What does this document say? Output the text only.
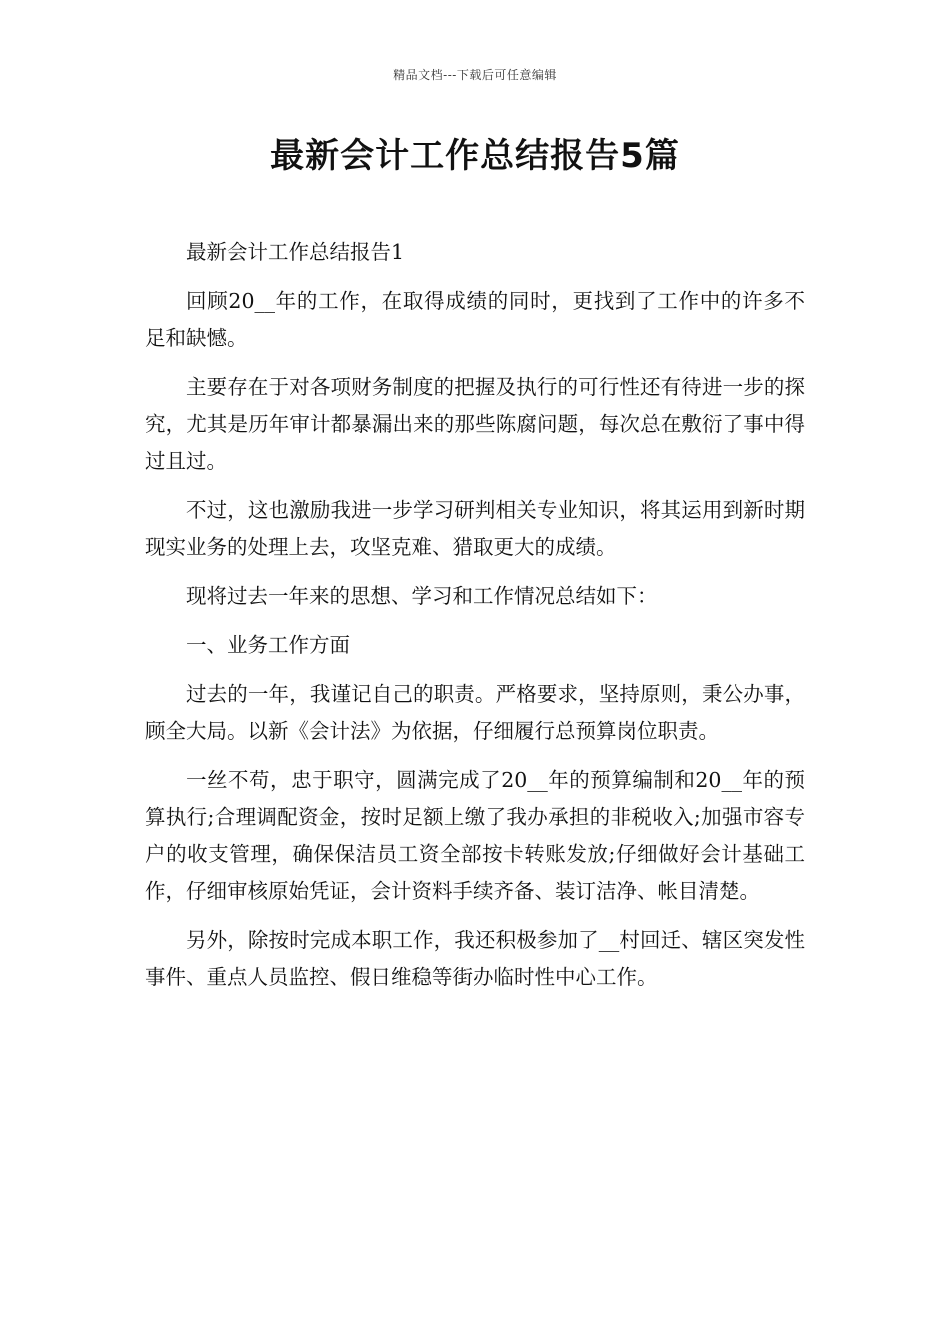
精品文档---下载后可任意编辑
最新会计工作总结报告5篇

最新会计工作总结报告1

回顾20__年的工作，在取得成绩的同时，更找到了工作中的许多不足和缺憾。

主要存在于对各项财务制度的把握及执行的可行性还有待进一步的探究，尤其是历年审计都暴漏出来的那些陈腐问题，每次总在敷衍了事中得过且过。

不过，这也激励我进一步学习研判相关专业知识，将其运用到新时期现实业务的处理上去，攻坚克难、猎取更大的成绩。

现将过去一年来的思想、学习和工作情况总结如下：

一、业务工作方面

过去的一年，我谨记自己的职责。严格要求，坚持原则，秉公办事，顾全大局。以新《会计法》为依据，仔细履行总预算岗位职责。

一丝不苟，忠于职守，圆满完成了20__年的预算编制和20__年的预算执行;合理调配资金，按时足额上缴了我办承担的非税收入;加强市容专户的收支管理，确保保洁员工资全部按卡转账发放;仔细做好会计基础工作，仔细审核原始凭证，会计资料手续齐备、装订洁净、帐目清楚。

另外，除按时完成本职工作，我还积极参加了__村回迁、辖区突发性事件、重点人员监控、假日维稳等街办临时性中心工作。
